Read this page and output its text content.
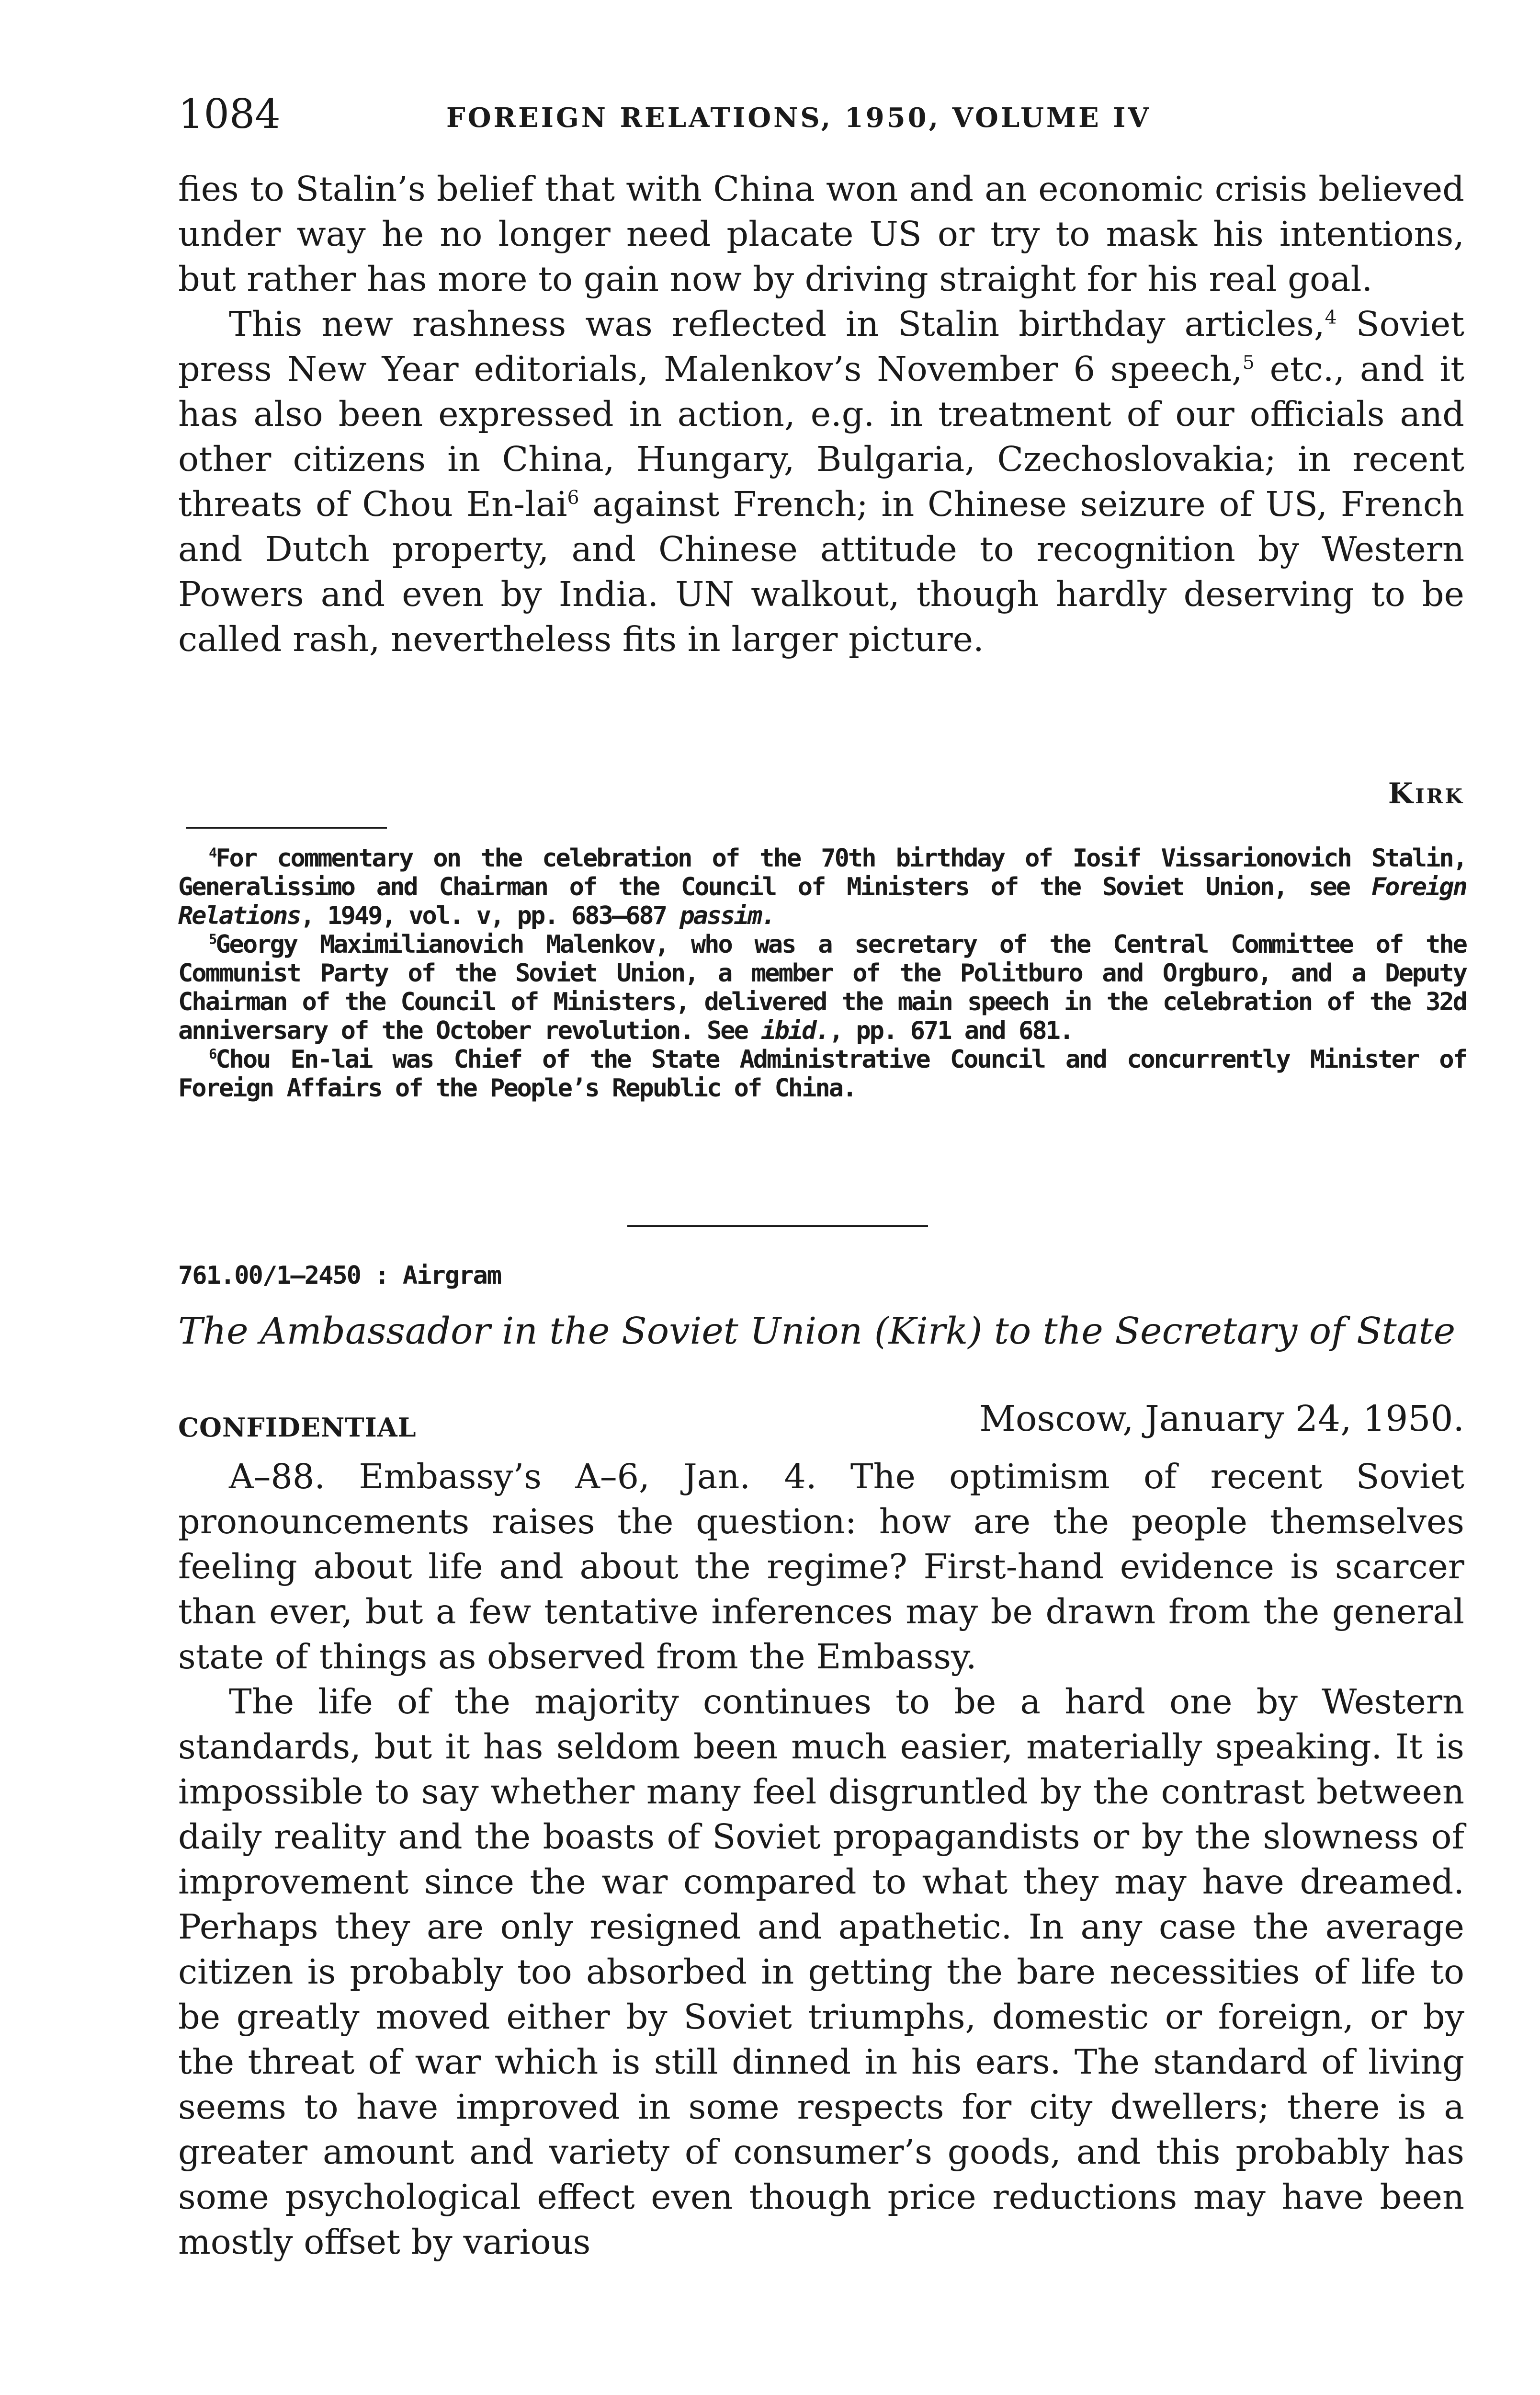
1084	FOREIGN RELATIONS, 1950, VOLUME IV

fies to Stalin’s belief that with China won and an economic crisis believed under way he no longer need placate US or try to mask his intentions, but rather has more to gain now by driving straight for his real goal.

This new rashness was reflected in Stalin birthday articles,$^4$ Soviet press New Year editorials, Malenkov’s November 6 speech,$^5$ etc., and it has also been expressed in action, e.g. in treatment of our officials and other citizens in China, Hungary, Bulgaria, Czechoslovakia; in recent threats of Chou En-lai$^6$ against French; in Chinese seizure of US, French and Dutch property, and Chinese attitude to recognition by Western Powers and even by India. UN walkout, though hardly deserving to be called rash, nevertheless fits in larger picture.

Kirk

$^4$For commentary on the celebration of the 70th birthday of Iosif Vissarionovich Stalin, Generalissimo and Chairman of the Council of Ministers of the Soviet Union, see Foreign Relations, 1949, vol. v, pp. 683–687 passim.

$^5$Georgy Maximilianovich Malenkov, who was a secretary of the Central Committee of the Communist Party of the Soviet Union, a member of the Politburo and Orgburo, and a Deputy Chairman of the Council of Ministers, delivered the main speech in the celebration of the 32d anniversary of the October revolution. See ibid., pp. 671 and 681.

$^6$Chou En-lai was Chief of the State Administrative Council and concurrently Minister of Foreign Affairs of the People’s Republic of China.

761.00/1–2450 : Airgram
The Ambassador in the Soviet Union (Kirk) to the Secretary of State
CONFIDENTIAL	Moscow, January 24, 1950.

A–88. Embassy’s A–6, Jan. 4. The optimism of recent Soviet pronouncements raises the question: how are the people themselves feeling about life and about the regime? First-hand evidence is scarcer than ever, but a few tentative inferences may be drawn from the general state of things as observed from the Embassy.

The life of the majority continues to be a hard one by Western standards, but it has seldom been much easier, materially speaking. It is impossible to say whether many feel disgruntled by the contrast between daily reality and the boasts of Soviet propagandists or by the slowness of improvement since the war compared to what they may have dreamed. Perhaps they are only resigned and apathetic. In any case the average citizen is probably too absorbed in getting the bare necessities of life to be greatly moved either by Soviet triumphs, domestic or foreign, or by the threat of war which is still dinned in his ears. The standard of living seems to have improved in some respects for city dwellers; there is a greater amount and variety of consumer’s goods, and this probably has some psychological effect even though price reductions may have been mostly offset by various
